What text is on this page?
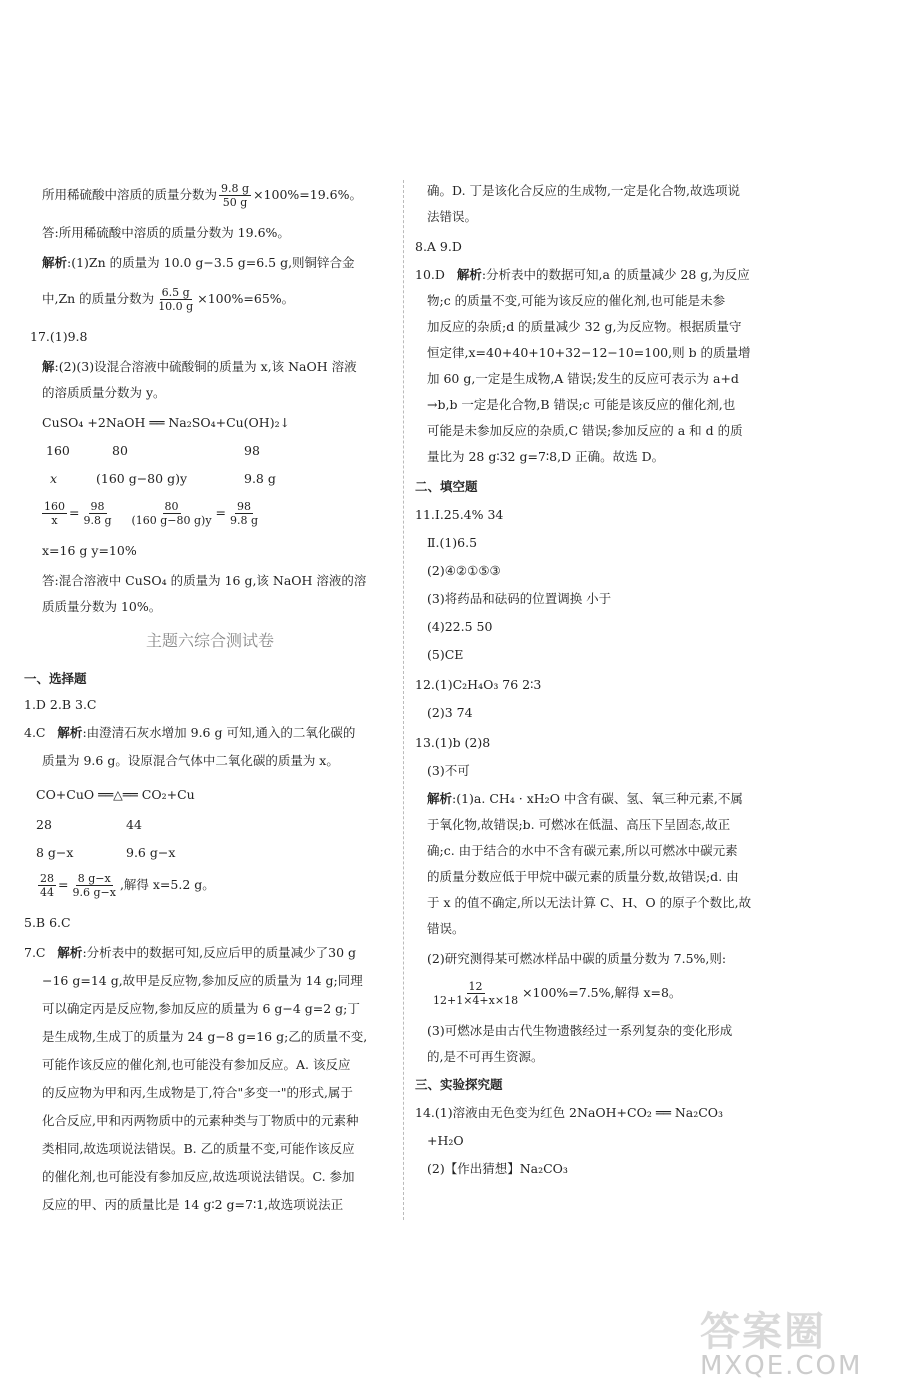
所用稀硫酸中溶质的质量分数为 $\frac{9.8 g}{50 g} \times 100\%=19.6\%$。
答:所用稀硫酸中溶质的质量分数为 19.6%。
解析:(1)Zn 的质量为 10.0 g−3.5 g=6.5 g,则铜锌合金
中,Zn 的质量分数为 $\frac{6.5 g}{10.0 g} \times 100\%=65\%$。
17.(1)9.8
解:(2)(3)设混合溶液中硫酸铜的质量为 x,该 NaOH 溶液
的溶质质量分数为 y。
CuSO₄ +2NaOH ══ Na₂SO₄+Cu(OH)₂↓
160	80	98
x	(160 g−80 g)y	9.8 g
$\frac{160}{x} = \frac{98}{9.8 g}$
$\frac{80}{(160 g-80 g)y} = \frac{98}{9.8 g}$
x=16 g y=10%
答:混合溶液中 CuSO₄ 的质量为 16 g,该 NaOH 溶液的溶
质质量分数为 10%。
主题六综合测试卷
一、选择题
1.D 2.B 3.C
4.C 解析:由澄清石灰水增加 9.6 g 可知,通入的二氧化碳的
质量为 9.6 g。设原混合气体中二氧化碳的质量为 x。
CO+CuO ══△══ CO₂+Cu
28	44
8 g−x	9.6 g−x
$\frac{28}{44} = \frac{8 g-x}{9.6 g-x}$ ,解得 x=5.2 g。
5.B 6.C
7.C 解析:分析表中的数据可知,反应后甲的质量减少了30 g
−16 g=14 g,故甲是反应物,参加反应的质量为 14 g;同理
可以确定丙是反应物,参加反应的质量为 6 g−4 g=2 g;丁
是生成物,生成丁的质量为 24 g−8 g=16 g;乙的质量不变,
可能作该反应的催化剂,也可能没有参加反应。A. 该反应
的反应物为甲和丙,生成物是丁,符合"多变一"的形式,属于
化合反应,甲和丙两物质中的元素种类与丁物质中的元素种
类相同,故选项说法错误。B. 乙的质量不变,可能作该反应
的催化剂,也可能没有参加反应,故选项说法错误。C. 参加
反应的甲、丙的质量比是 14 g∶2 g=7∶1,故选项说法正
确。D. 丁是该化合反应的生成物,一定是化合物,故选项说
法错误。
8.A 9.D
10.D 解析:分析表中的数据可知,a 的质量减少 28 g,为反应
物;c 的质量不变,可能为该反应的催化剂,也可能是未参
加反应的杂质;d 的质量减少 32 g,为反应物。根据质量守
恒定律,x=40+40+10+32−12−10=100,则 b 的质量增
加 60 g,一定是生成物,A 错误;发生的反应可表示为 a+d
→b,b 一定是化合物,B 错误;c 可能是该反应的催化剂,也
可能是未参加反应的杂质,C 错误;参加反应的 a 和 d 的质
量比为 28 g∶32 g=7∶8,D 正确。故选 D。
二、填空题
11.Ⅰ.25.4% 34
Ⅱ.(1)6.5
(2)④②①⑤③
(3)将药品和砝码的位置调换 小于
(4)22.5 50
(5)CE
12.(1)C₂H₄O₃ 76 2∶3
(2)3 74
13.(1)b (2)8
(3)不可
解析:(1)a. CH₄ · xH₂O 中含有碳、氢、氧三种元素,不属
于氧化物,故错误;b. 可燃冰在低温、高压下呈固态,故正
确;c. 由于结合的水中不含有碳元素,所以可燃冰中碳元素
的质量分数应低于甲烷中碳元素的质量分数,故错误;d. 由
于 x 的值不确定,所以无法计算 C、H、O 的原子个数比,故
错误。
(2)研究测得某可燃冰样品中碳的质量分数为 7.5%,则:
$\frac{12}{12+1\times 4+x\times 18} \times 100\%=7.5\%$,解得 x=8。
(3)可燃冰是由古代生物遗骸经过一系列复杂的变化形成
的,是不可再生资源。
三、实验探究题
14.(1)溶液由无色变为红色 2NaOH+CO₂ ══ Na₂CO₃
+H₂O
(2)【作出猜想】Na₂CO₃
答案圈
MXQE.COM
